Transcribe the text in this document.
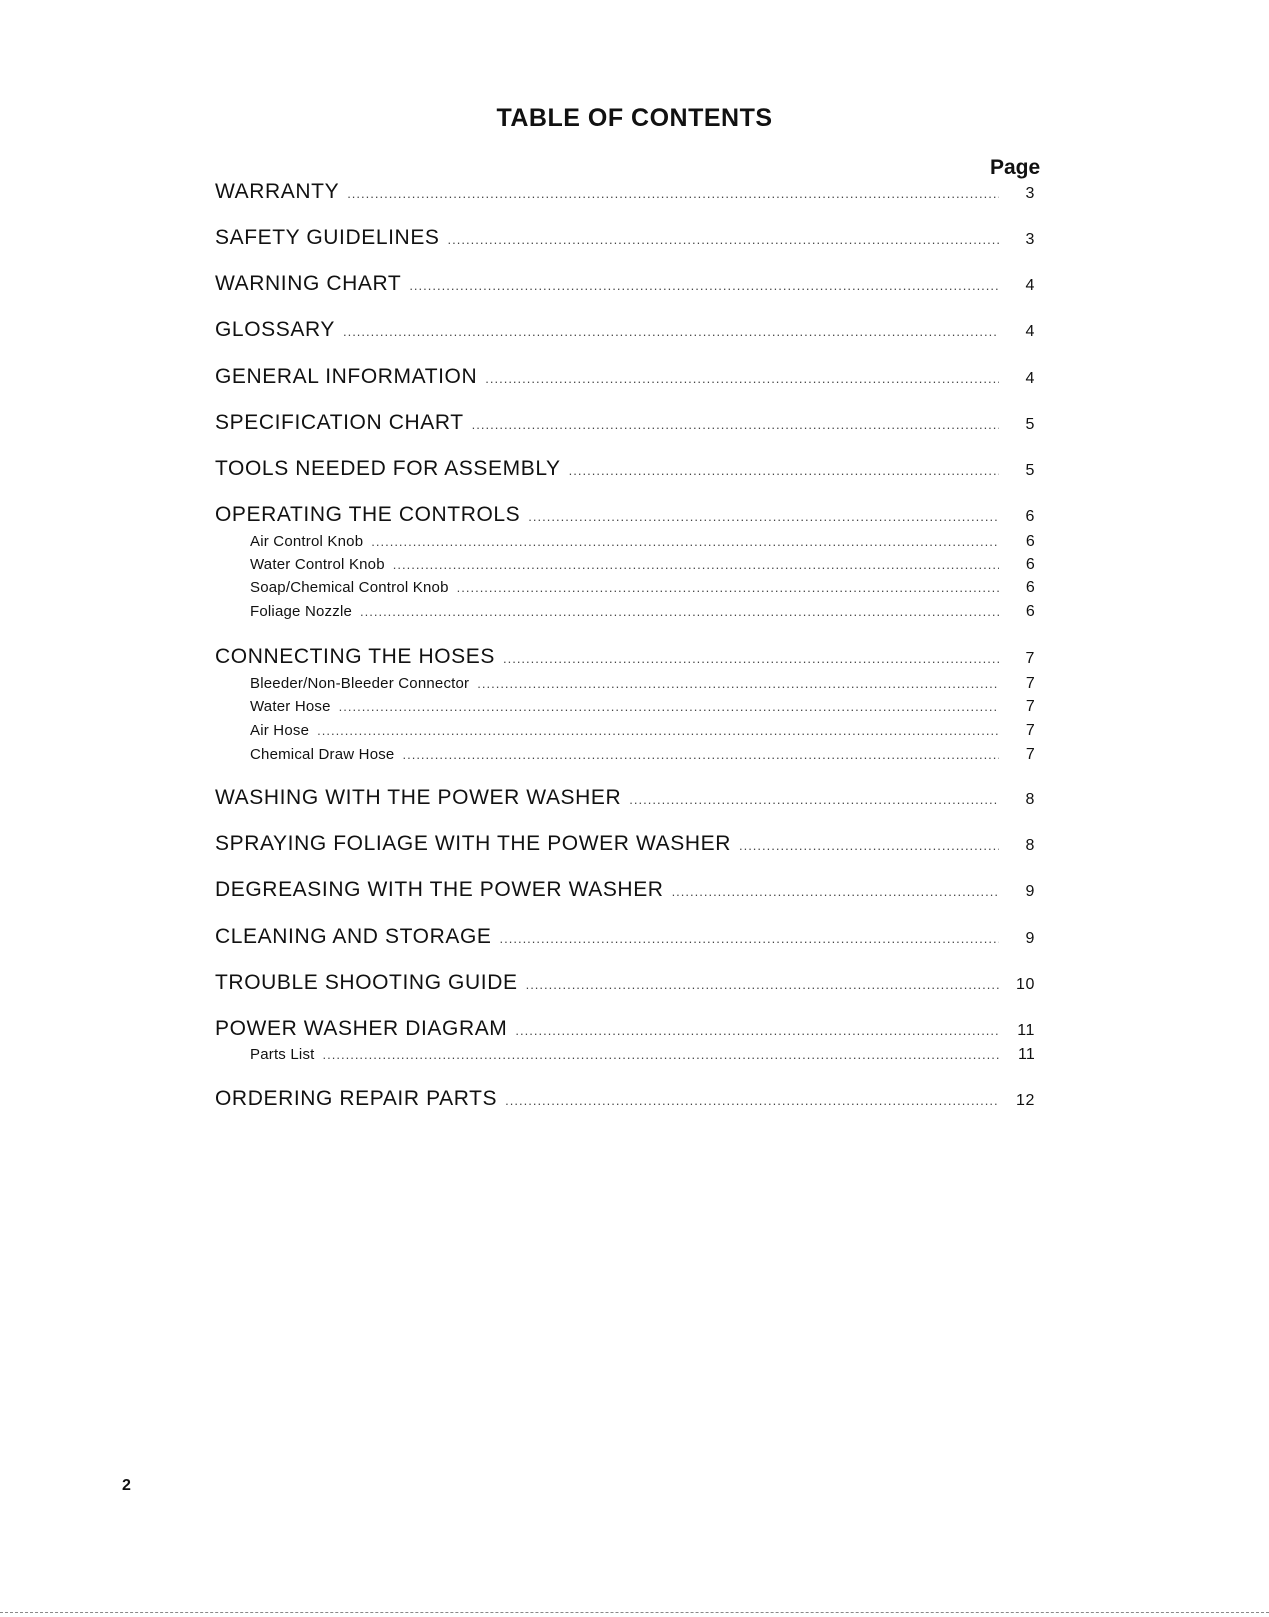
TABLE OF CONTENTS
Page
WARRANTY .....	3
SAFETY GUIDELINES .....	3
WARNING CHART .....	4
GLOSSARY .....	4
GENERAL INFORMATION .....	4
SPECIFICATION CHART .....	5
TOOLS NEEDED FOR ASSEMBLY .....	5
OPERATING THE CONTROLS .....	6
Air Control Knob .....	6
Water Control Knob .....	6
Soap/Chemical Control Knob .....	6
Foliage Nozzle .....	6
CONNECTING THE HOSES .....	7
Bleeder/Non-Bleeder Connector .....	7
Water Hose .....	7
Air Hose .....	7
Chemical Draw Hose .....	7
WASHING WITH THE POWER WASHER .....	8
SPRAYING FOLIAGE WITH THE POWER WASHER .....	8
DEGREASING WITH THE POWER WASHER .....	9
CLEANING AND STORAGE .....	9
TROUBLE SHOOTING GUIDE .....	10
POWER WASHER DIAGRAM .....	11
Parts List .....	11
ORDERING REPAIR PARTS .....	12
2
